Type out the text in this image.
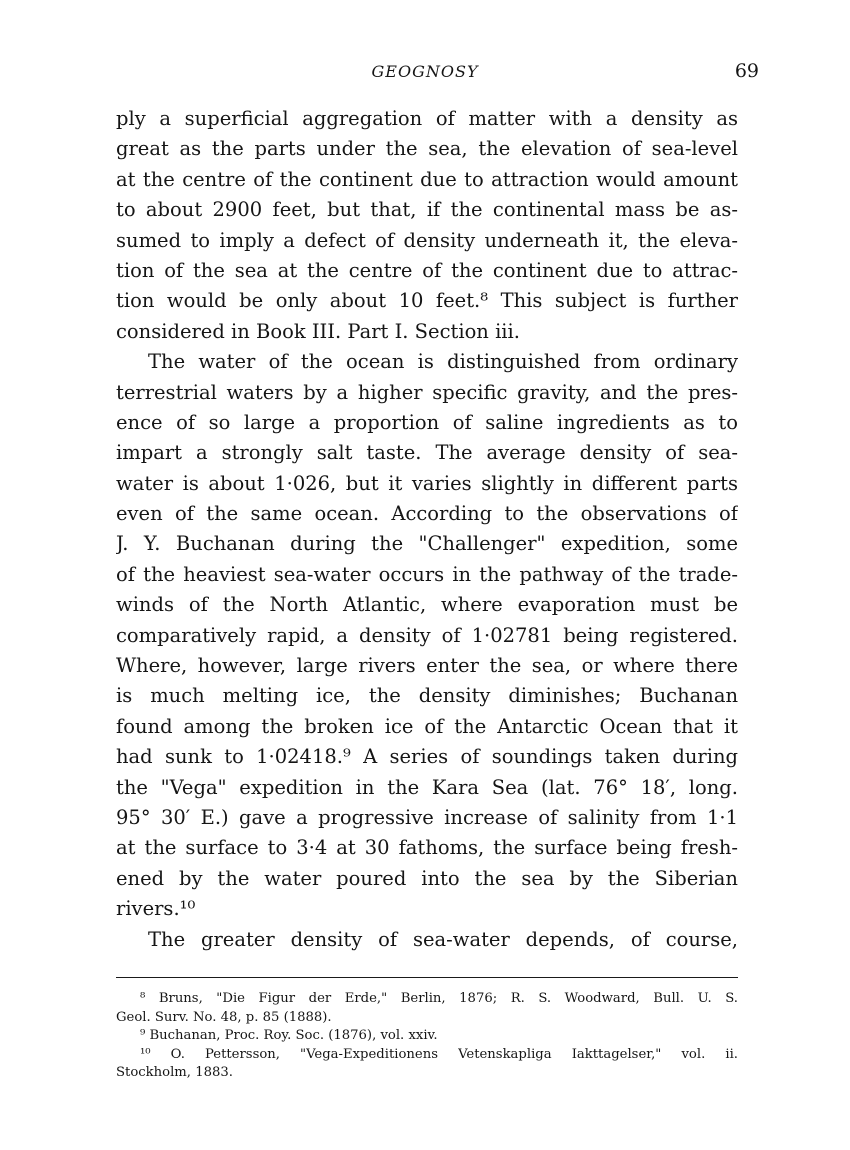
GEOGNOSY	69
ply a superficial aggregation of matter with a density as
great as the parts under the sea, the elevation of sea-level
at the centre of the continent due to attraction would amount
to about 2900 feet, but that, if the continental mass be as-
sumed to imply a defect of density underneath it, the eleva-
tion of the sea at the centre of the continent due to attrac-
tion would be only about 10 feet.⁸ This subject is further
considered in Book III. Part I. Section iii.
The water of the ocean is distinguished from ordinary
terrestrial waters by a higher specific gravity, and the pres-
ence of so large a proportion of saline ingredients as to
impart a strongly salt taste. The average density of sea-
water is about 1·026, but it varies slightly in different parts
even of the same ocean. According to the observations of
J. Y. Buchanan during the "Challenger" expedition, some
of the heaviest sea-water occurs in the pathway of the trade-
winds of the North Atlantic, where evaporation must be
comparatively rapid, a density of 1·02781 being registered.
Where, however, large rivers enter the sea, or where there
is much melting ice, the density diminishes; Buchanan
found among the broken ice of the Antarctic Ocean that it
had sunk to 1·02418.⁹ A series of soundings taken during
the "Vega" expedition in the Kara Sea (lat. 76° 18′, long.
95° 30′ E.) gave a progressive increase of salinity from 1·1
at the surface to 3·4 at 30 fathoms, the surface being fresh-
ened by the water poured into the sea by the Siberian
rivers.¹⁰
The greater density of sea-water depends, of course,
⁸ Bruns, "Die Figur der Erde," Berlin, 1876; R. S. Woodward, Bull. U. S.
Geol. Surv. No. 48, p. 85 (1888).
⁹ Buchanan, Proc. Roy. Soc. (1876), vol. xxiv.
¹⁰ O. Pettersson, "Vega-Expeditionens Vetenskapliga Iakttagelser," vol. ii.
Stockholm, 1883.
